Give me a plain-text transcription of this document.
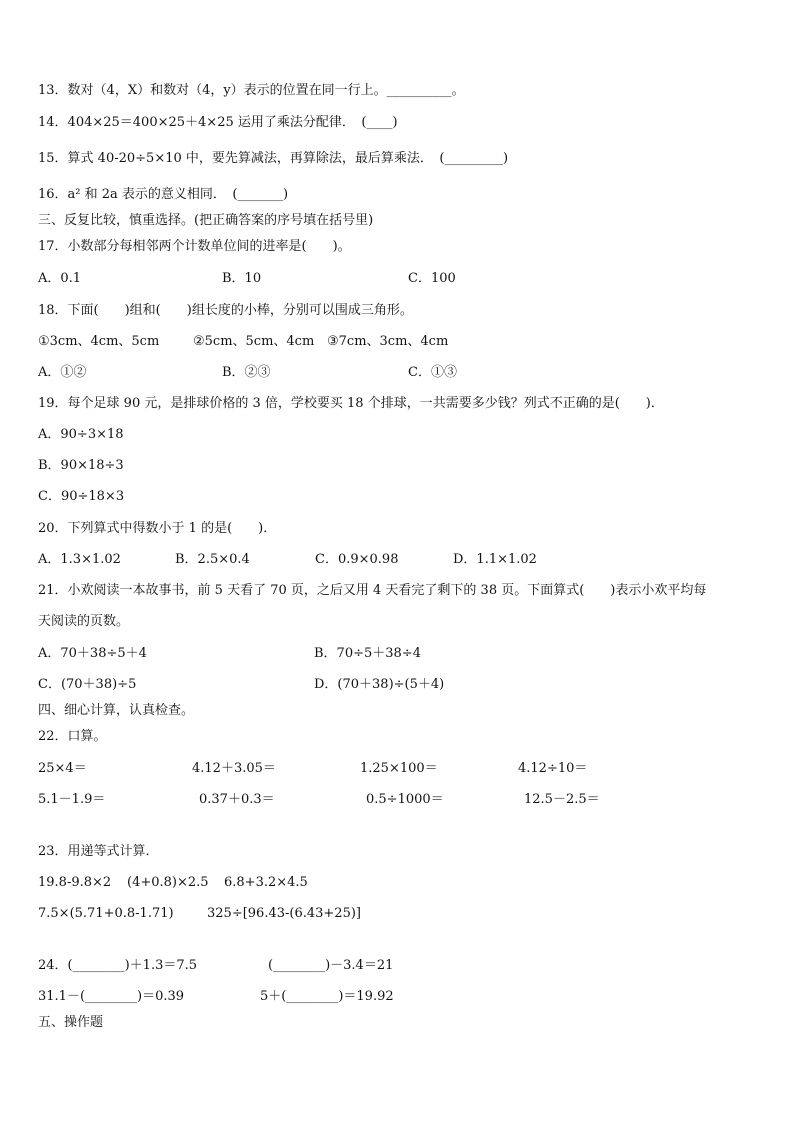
13．数对（4，X）和数对（4，y）表示的位置在同一行上。__________。
14．404×25＝400×25＋4×25 运用了乘法分配律．　(____)
15．算式 40-20÷5×10 中，要先算减法，再算除法，最后算乘法．　(_________)
16．a² 和 2a 表示的意义相同．　(_______)
三、反复比较，慎重选择。(把正确答案的序号填在括号里)
17．小数部分每相邻两个计数单位间的进率是(　　)。
A．0.1	B．10	C．100
18．下面(　　)组和(　　)组长度的小棒，分别可以围成三角形。
①3cm、4cm、5cm	②5cm、5cm、4cm ③7cm、3cm、4cm
A．①②	B．②③	C．①③
19．每个足球 90 元，是排球价格的 3 倍，学校要买 18 个排球，一共需要多少钱？列式不正确的是(　　)．
A．90÷3×18
B．90×18÷3
C．90÷18×3
20．下列算式中得数小于 1 的是(　　)．
A．1.3×1.02	B．2.5×0.4	C．0.9×0.98	D．1.1×1.02
21．小欢阅读一本故事书，前 5 天看了 70 页，之后又用 4 天看完了剩下的 38 页。下面算式(　　)表示小欢平均每
天阅读的页数。
A．70＋38÷5＋4	B．70÷5＋38÷4
C．(70＋38)÷5	D．(70＋38)÷(5＋4)
四、细心计算，认真检查。
22．口算。
25×4＝	4.12＋3.05＝	1.25×100＝	4.12÷10＝
5.1－1.9＝	0.37＋0.3＝	0.5÷1000＝	12.5－2.5＝
23．用递等式计算．
19.8-9.8×2 (4+0.8)×2.5 6.8+3.2×4.5
7.5×(5.71+0.8-1.71)	325÷[96.43-(6.43+25)]
24．(________)＋1.3＝7.5	(________)－3.4＝21
31.1－(________)＝0.39	5＋(________)＝19.92
五、操作题
